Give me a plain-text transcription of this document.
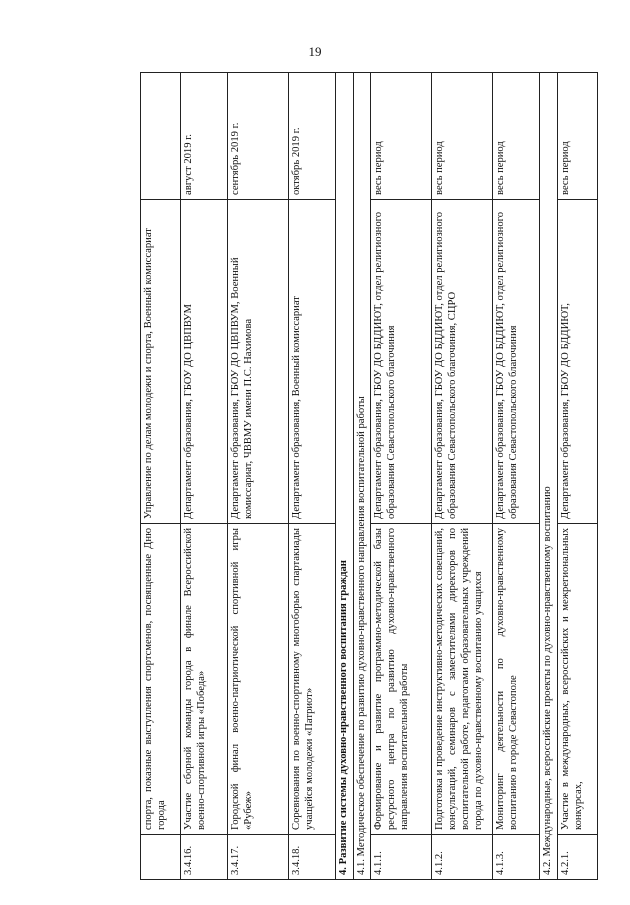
19
	спорта, показные выступления спортсменов, посвященные Дню города	Управление по делам молодежи и спорта, Военный комиссариат	
3.4.16.	Участие сборной команды города в финале Всероссийской военно-спортивной игры «Победа»	Департамент образования, ГБОУ ДО ЦВПВУМ	август 2019 г.
3.4.17.	Городской финал военно-патриотической спортивной игры «Рубеж»	Департамент образования, ГБОУ ДО ЦВПВУМ, Военный комиссариат, ЧВВМУ имени П.С. Нахимова	сентябрь 2019 г.
3.4.18.	Соревнования по военно-спортивному многоборью спартакиады учащейся молодежи «Патриот»	Департамент образования, Военный комиссариат	октябрь 2019 г.
4. Развитие системы духовно-нравственного воспитания граждан			
4.1. Методическое обеспечение по развитию духовно-нравственного направления воспитательной работы			
4.1.1.	Формирование и развитие программно-методической базы ресурсного центра по развитию духовно-нравственного направления воспитательной работы	Департамент образования, ГБОУ ДО БДДИЮТ, отдел религиозного образования Севастопольского благочиния	весь период
4.1.2.	Подготовка и проведение инструктивно-методических совещаний, консультаций, семинаров с заместителями директоров по воспитательной работе, педагогами образовательных учреждений города по духовно-нравственному воспитанию учащихся	Департамент образования, ГБОУ ДО БДДИЮТ, отдел религиозного образования Севастопольского благочиния, СЦРО	весь период
4.1.3.	Мониторинг деятельности по духовно-нравственному воспитанию в городе Севастополе	Департамент образования, ГБОУ ДО БДДИЮТ, отдел религиозного образования Севастопольского благочиния	весь период
4.2. Международные, всероссийские проекты по духовно-нравственному воспитанию			
4.2.1.	Участие в международных, всероссийских и межрегиональных конкурсах,	Департамент образования, ГБОУ ДО БДДИЮТ,	весь период
